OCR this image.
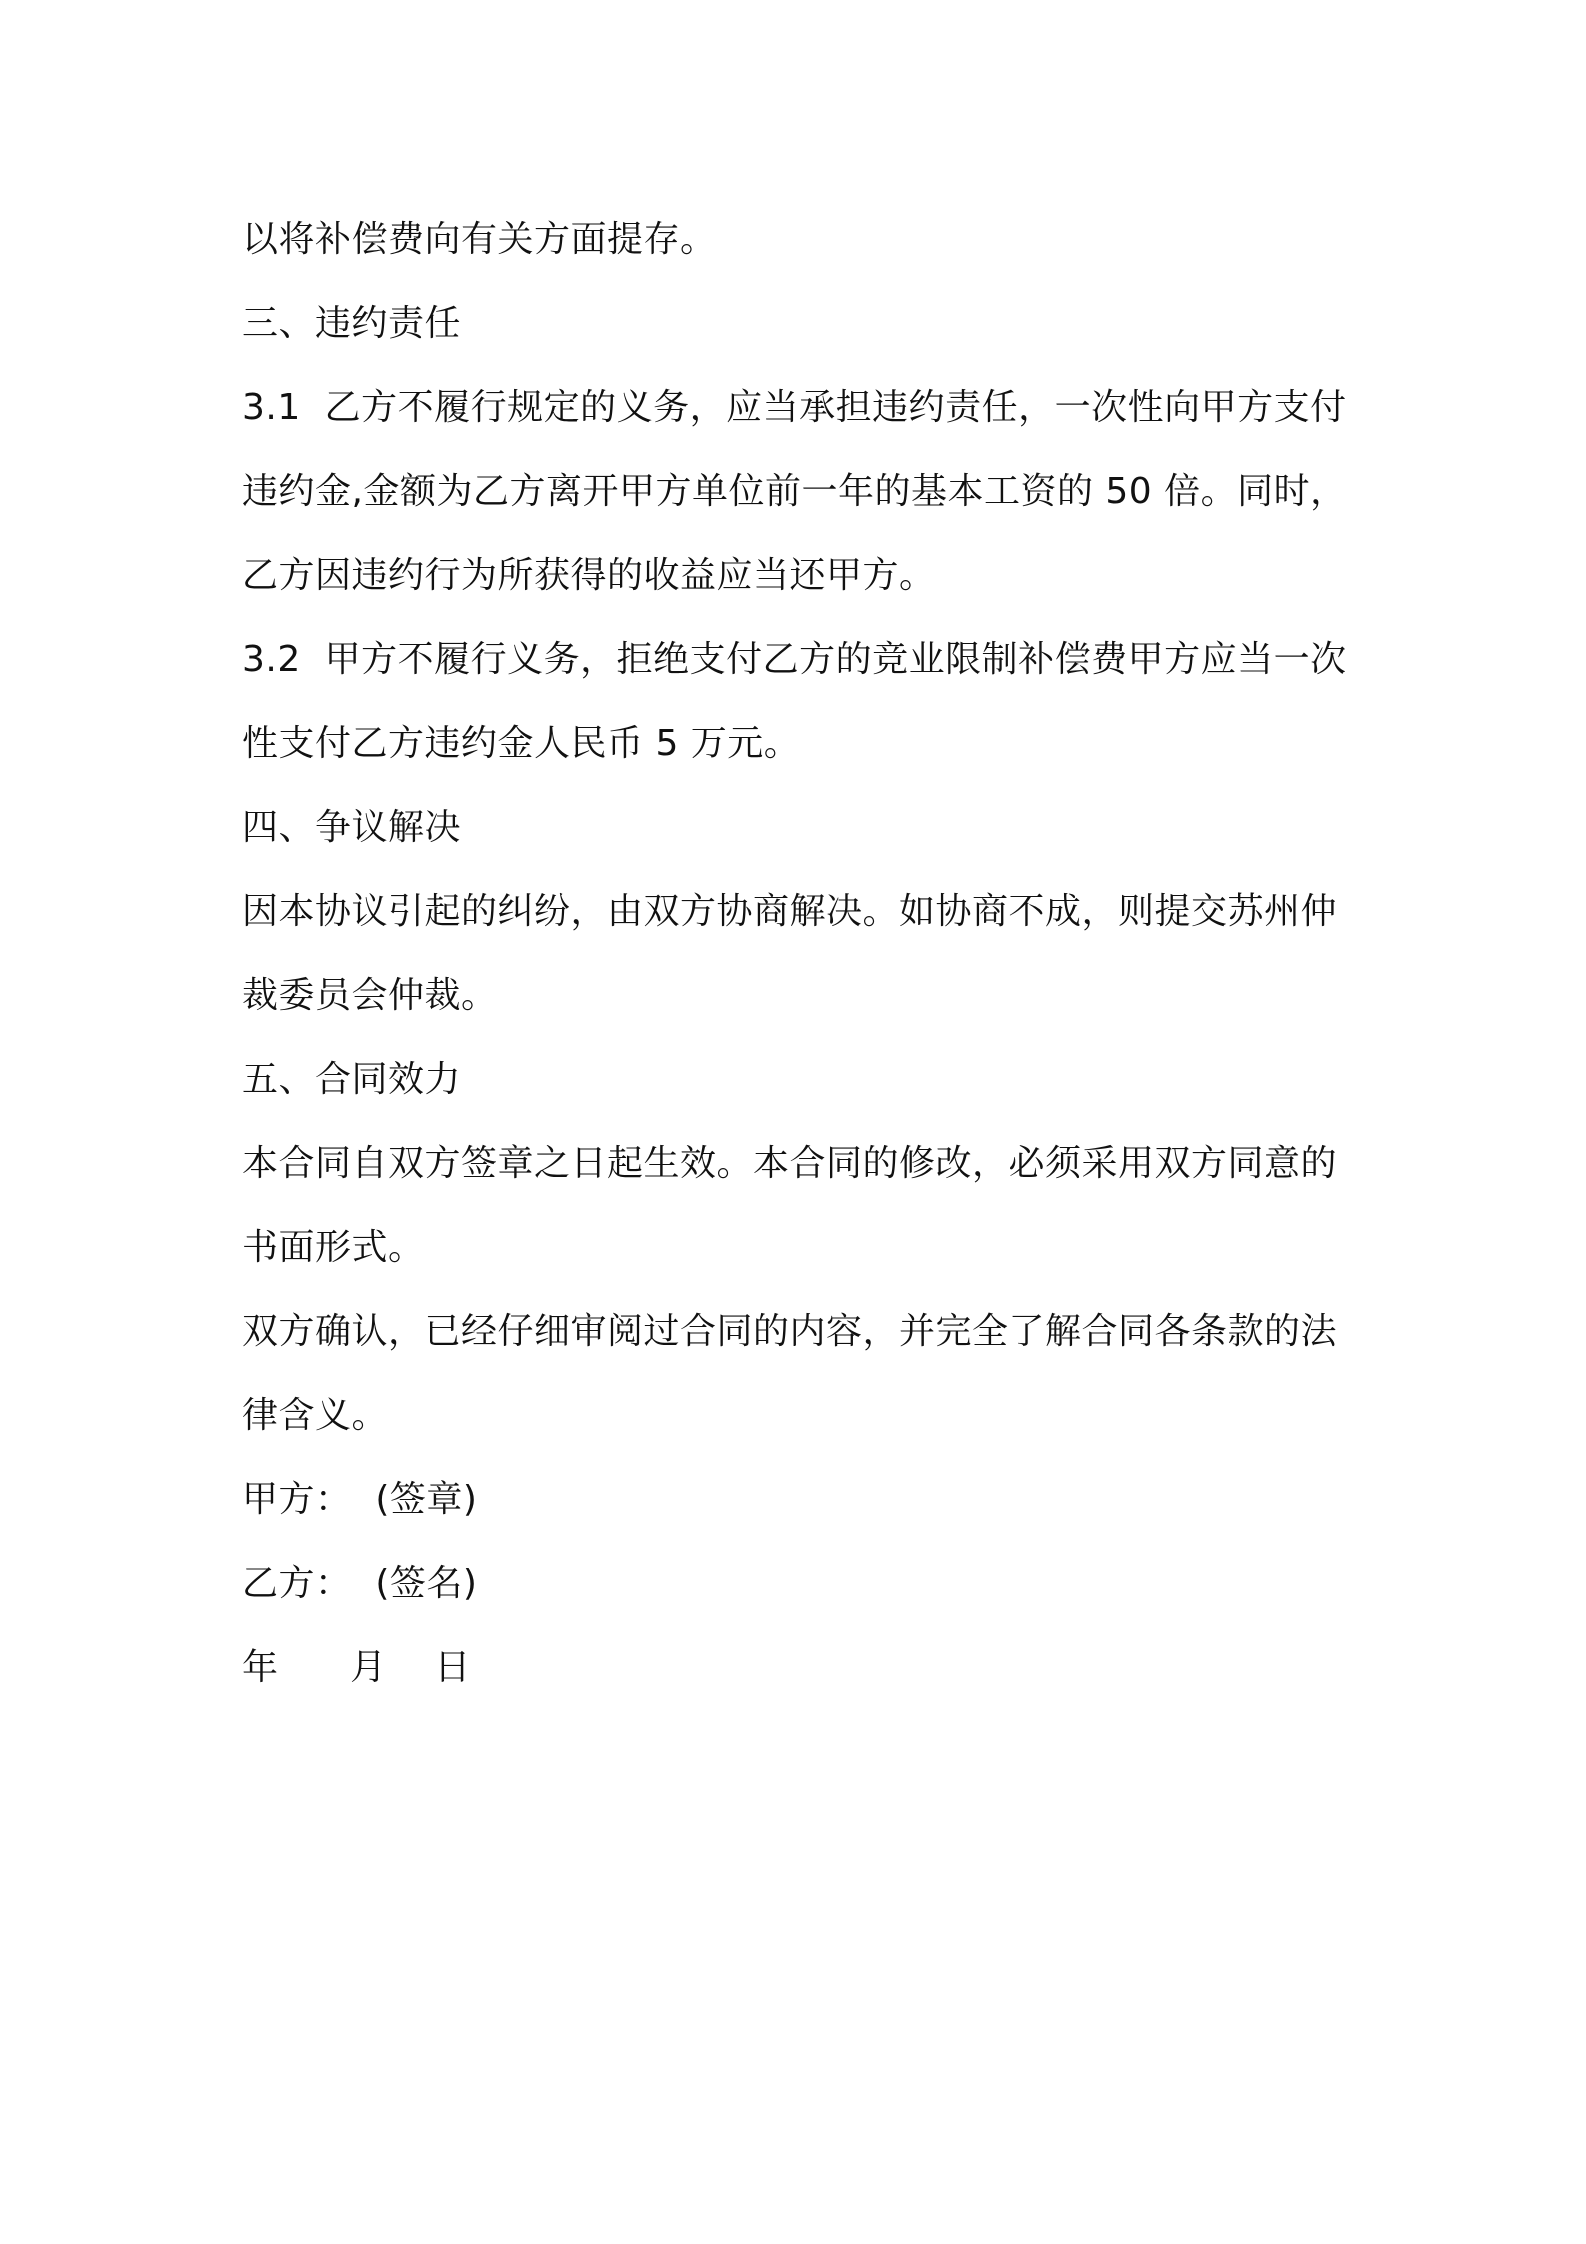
以将补偿费向有关方面提存。
三、违约责任
3.1  乙方不履行规定的义务，应当承担违约责任，一次性向甲方支付
违约金,金额为乙方离开甲方单位前一年的基本工资的 50 倍。同时，
乙方因违约行为所获得的收益应当还甲方。
3.2  甲方不履行义务，拒绝支付乙方的竞业限制补偿费甲方应当一次
性支付乙方违约金人民币 5 万元。
四、争议解决
因本协议引起的纠纷，由双方协商解决。如协商不成，则提交苏州仲
裁委员会仲裁。
五、合同效力
本合同自双方签章之日起生效。本合同的修改，必须采用双方同意的
书面形式。
双方确认，已经仔细审阅过合同的内容，并完全了解合同各条款的法
律含义。
甲方：  (签章)
乙方：  (签名)
年      月    日
